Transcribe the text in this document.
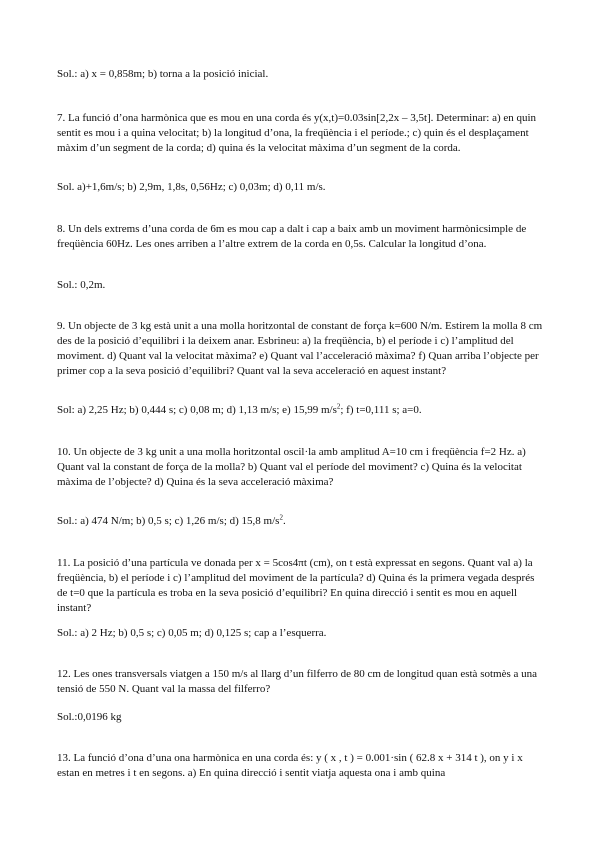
Sol.: a) x = 0,858m; b) torna a la posició inicial.

7. La funció d’ona harmònica que es mou en una corda és y(x,t)=0.03sin[2,2x – 3,5t]. Determinar: a) en quin sentit es mou i a quina velocitat; b) la longitud d’ona, la freqüència i el període.; c) quin és el desplaçament màxim d’un segment de la corda; d) quina és la velocitat màxima d’un segment de la corda.

Sol. a)+1,6m/s; b) 2,9m, 1,8s, 0,56Hz; c) 0,03m; d) 0,11 m/s.

8. Un dels extrems d’una corda de 6m es mou cap a dalt i cap a baix amb un moviment harmònicsimple de freqüència 60Hz. Les ones arriben a l’altre extrem de la corda en 0,5s. Calcular la longitud d’ona.

Sol.: 0,2m.

9. Un objecte de 3 kg està unit a una molla horitzontal de constant de força k=600 N/m. Estirem la molla 8 cm des de la posició d’equilibri i la deixem anar. Esbrineu: a) la freqüència, b) el període i c) l’amplitud del moviment. d) Quant val la velocitat màxima? e) Quant val l’acceleració màxima? f) Quan arriba l’objecte per primer cop a la seva posició d’equilibri? Quant val la seva acceleració en aquest instant?

Sol: a) 2,25 Hz; b) 0,444 s; c) 0,08 m; d) 1,13 m/s; e) 15,99 $m/s^2$; f) t=0,111 s; a=0.

10. Un objecte de 3 kg unit a una molla horitzontal oscil·la amb amplitud A=10 cm i freqüència f=2 Hz. a) Quant val la constant de força de la molla? b) Quant val el període del moviment? c) Quina és la velocitat màxima de l’objecte? d) Quina és la seva acceleració màxima?

Sol.: a) 474 N/m; b) 0,5 s; c) 1,26 m/s; d) 15,8 $m/s^2$.

11. La posició d’una partícula ve donada per x = 5cos4πt (cm), on t està expressat en segons. Quant val a) la freqüència, b) el període i c) l’amplitud del moviment de la partícula? d) Quina és la primera vegada després de t=0 que la partícula es troba en la seva posició d’equilibri? En quina direcció i sentit es mou en aquell instant?

Sol.: a) 2 Hz; b) 0,5 s; c) 0,05 m; d) 0,125 s; cap a l’esquerra.

12. Les ones transversals viatgen a 150 m/s al llarg d’un filferro de 80 cm de longitud quan està sotmès a una tensió de 550 N. Quant val la massa del filferro?

Sol.:0,0196 kg

13. La funció d’ona d’una ona harmònica en una corda és: y ( x , t ) = 0.001·sin ( 62.8 x + 314 t ), on y i x estan en metres i t en segons. a) En quina direcció i sentit viatja aquesta ona i amb quina
